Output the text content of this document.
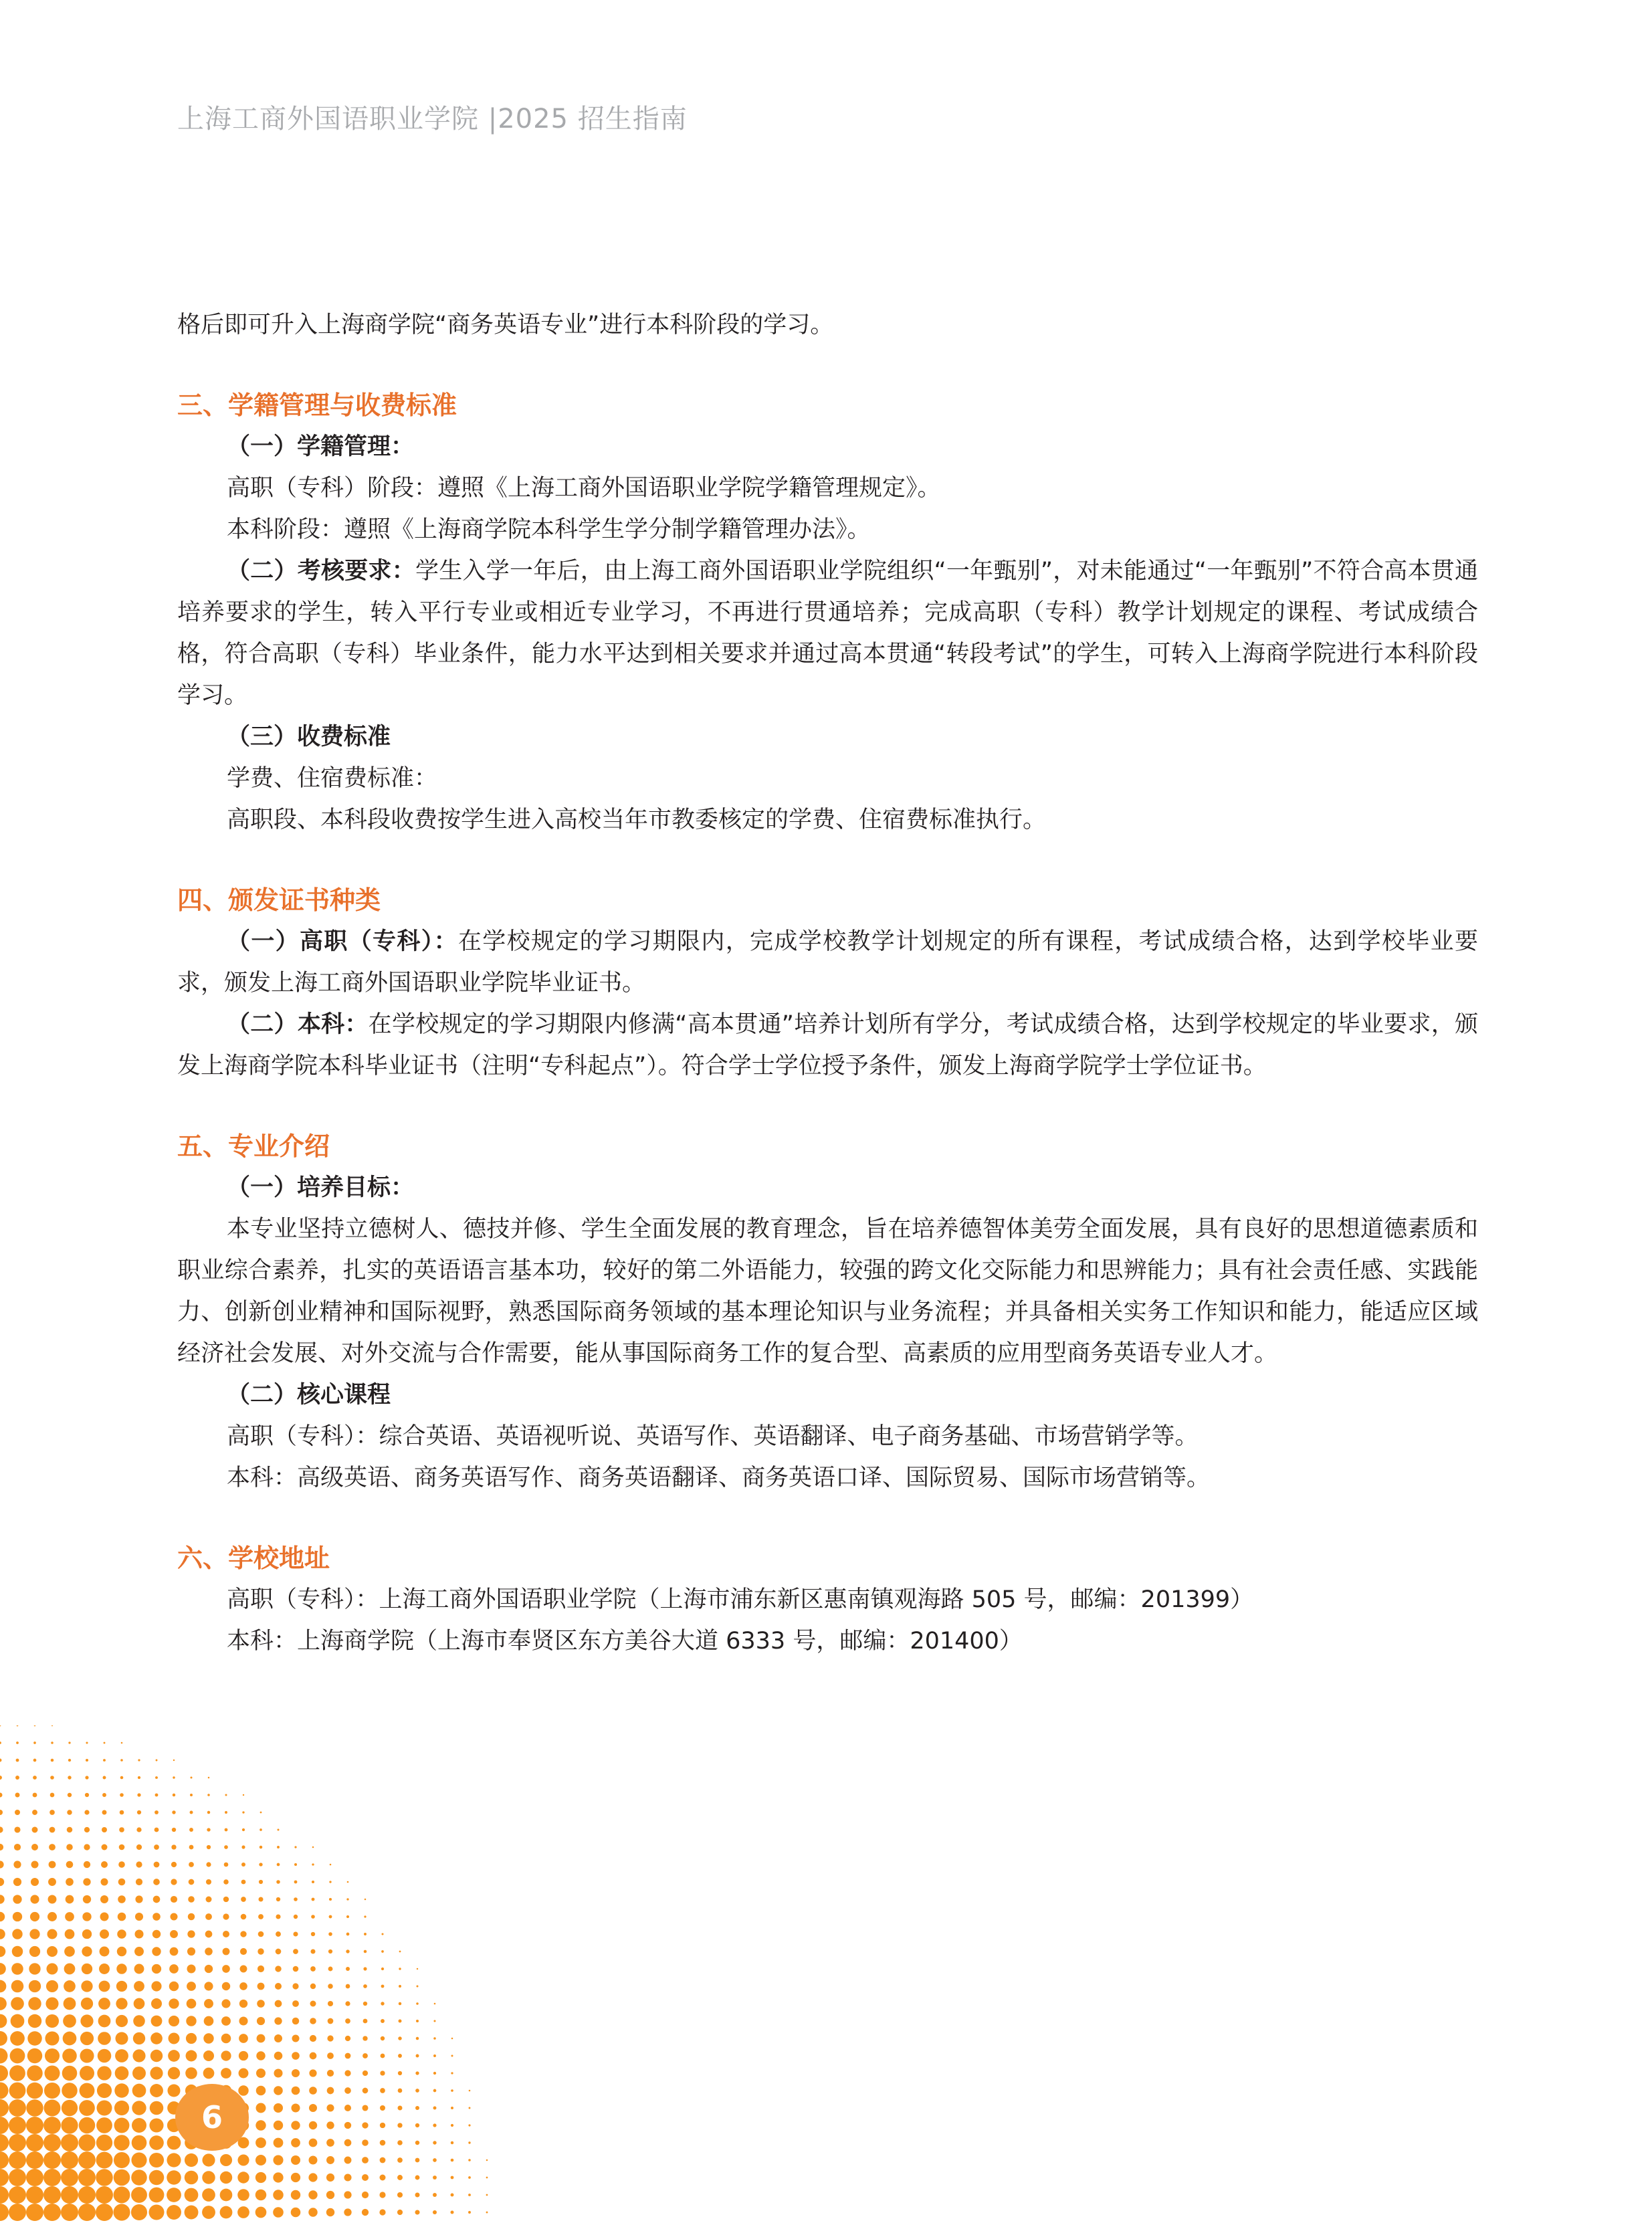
上海工商外国语职业学院 |2025 招生指南

格后即可升入上海商学院“商务英语专业”进行本科阶段的学习。

三、学籍管理与收费标准

（一）学籍管理：

高职（专科）阶段：遵照《上海工商外国语职业学院学籍管理规定》。

本科阶段：遵照《上海商学院本科学生学分制学籍管理办法》。

（二）考核要求：学生入学一年后，由上海工商外国语职业学院组织“一年甄别”，对未能通过“一年甄别”不符合高本贯通培养要求的学生，转入平行专业或相近专业学习，不再进行贯通培养；完成高职（专科）教学计划规定的课程、考试成绩合格，符合高职（专科）毕业条件，能力水平达到相关要求并通过高本贯通“转段考试”的学生，可转入上海商学院进行本科阶段学习。

（三）收费标准

学费、住宿费标准：

高职段、本科段收费按学生进入高校当年市教委核定的学费、住宿费标准执行。

四、颁发证书种类

（一）高职（专科）：在学校规定的学习期限内，完成学校教学计划规定的所有课程，考试成绩合格，达到学校毕业要求，颁发上海工商外国语职业学院毕业证书。

（二）本科：在学校规定的学习期限内修满“高本贯通”培养计划所有学分，考试成绩合格，达到学校规定的毕业要求，颁发上海商学院本科毕业证书（注明“专科起点”）。符合学士学位授予条件，颁发上海商学院学士学位证书。

五、专业介绍

（一）培养目标：

本专业坚持立德树人、德技并修、学生全面发展的教育理念，旨在培养德智体美劳全面发展，具有良好的思想道德素质和职业综合素养，扎实的英语语言基本功，较好的第二外语能力，较强的跨文化交际能力和思辨能力；具有社会责任感、实践能力、创新创业精神和国际视野，熟悉国际商务领域的基本理论知识与业务流程；并具备相关实务工作知识和能力，能适应区域经济社会发展、对外交流与合作需要，能从事国际商务工作的复合型、高素质的应用型商务英语专业人才。

（二）核心课程

高职（专科）：综合英语、英语视听说、英语写作、英语翻译、电子商务基础、市场营销学等。

本科：高级英语、商务英语写作、商务英语翻译、商务英语口译、国际贸易、国际市场营销等。

六、学校地址

高职（专科）：上海工商外国语职业学院（上海市浦东新区惠南镇观海路 505 号，邮编：201399）

本科：上海商学院（上海市奉贤区东方美谷大道 6333 号，邮编：201400）

6
